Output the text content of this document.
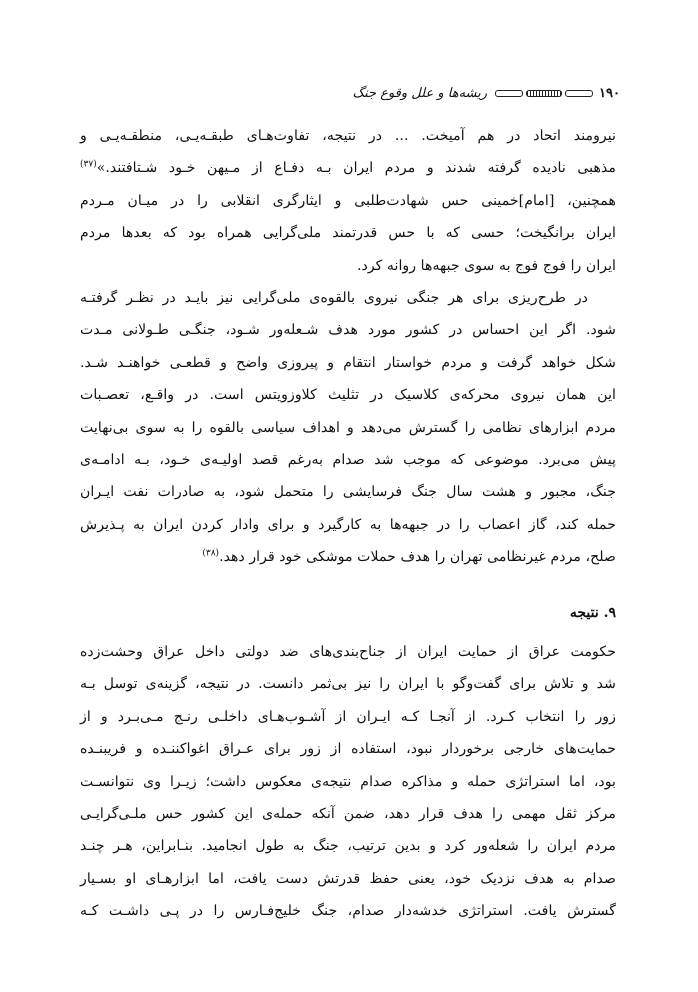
۱۹۰
ریشه‌ها و علل وقوع جنگ

نیرومند اتحاد در هم آمیخت. ... در نتیجه، تفاوت‌هـای طبقـه‌یـی، منطقـه‌یـی و
مذهبی نادیده گرفته شدند و مردم ایران بـه دفـاع از مـیهن خـود شـتافتند.»$^{(۳۷)}$
همچنین، [امام]خمینی حس شهادت‌طلبی و ایثارگری انقلابی را در میـان مـردم
ایران برانگیخت؛ حسی که با حس قدرتمند ملی‌گرایی همراه بود که بعدها مردم
ایران را فوج فوج به سوی جبهه‌ها روانه کرد.

در طرح‌ریزی برای هر جنگی نیروی بالقوه‌ی ملی‌گرایی نیز بایـد در نظـر گرفتـه
شود. اگر این احساس در کشور مورد هدف شـعله‌ور شـود، جنگـی طـولانی مـدت
شکل خواهد گرفت و مردم خواستار انتقام و پیروزی واضح و قطعـی خواهنـد شـد.
این همان نیروی محرکه‌ی کلاسیک در تثلیث کلاوزویتس است. در واقـع، تعصـبات
مردم ابزارهای نظامی را گسترش می‌دهد و اهداف سیاسی بالقوه را به سوی بی‌نهایت
پیش می‌برد. موضوعی که موجب شد صدام به‌رغم قصد اولیـه‌ی خـود، بـه ادامـه‌ی
جنگ، مجبور و هشت سال جنگ فرسایشی را متحمل شود، به صادرات نفت ایـران
حمله کند، گاز اعصاب را در جبهه‌ها به کارگیرد و برای وادار کردن ایران به پـذیرش
صلح، مردم غیرنظامی تهران را هدف حملات موشکی خود قرار دهد.$^{(۳۸)}$

۹. نتیجه

حکومت عراق از حمایت ایران از جناح‌بندی‌های ضد دولتی داخل عراق وحشت‌زده
شد و تلاش برای گفت‌وگو با ایران را نیز بی‌ثمر دانست. در نتیجه، گزینه‌ی توسل بـه
زور را انتخاب کـرد. از آنجـا کـه ایـران از آشـوب‌هـای داخلـی رنـج مـی‌بـرد و از
حمایت‌های خارجی برخوردار نبود، استفاده از زور برای عـراق اغواکننـده و فریبنـده
بود، اما استراتژی حمله و مذاکره صدام نتیجه‌ی معکوس داشت؛ زیـرا وی نتوانسـت
مرکز ثقل مهمی را هدف قرار دهد، ضمن آنکه حمله‌ی این کشور حس ملـی‌گرایـی
مردم ایران را شعله‌ور کرد و بدین ترتیب، جنگ به طول انجامید. بنـابراین، هـر چنـد
صدام به هدف نزدیک خود، یعنی حفظ قدرتش دست یافت، اما ابزارهـای او بسـیار
گسترش یافت. استراتژی خدشه‌دار صدام، جنگ خلیج‌فـارس را در پـی داشـت کـه
